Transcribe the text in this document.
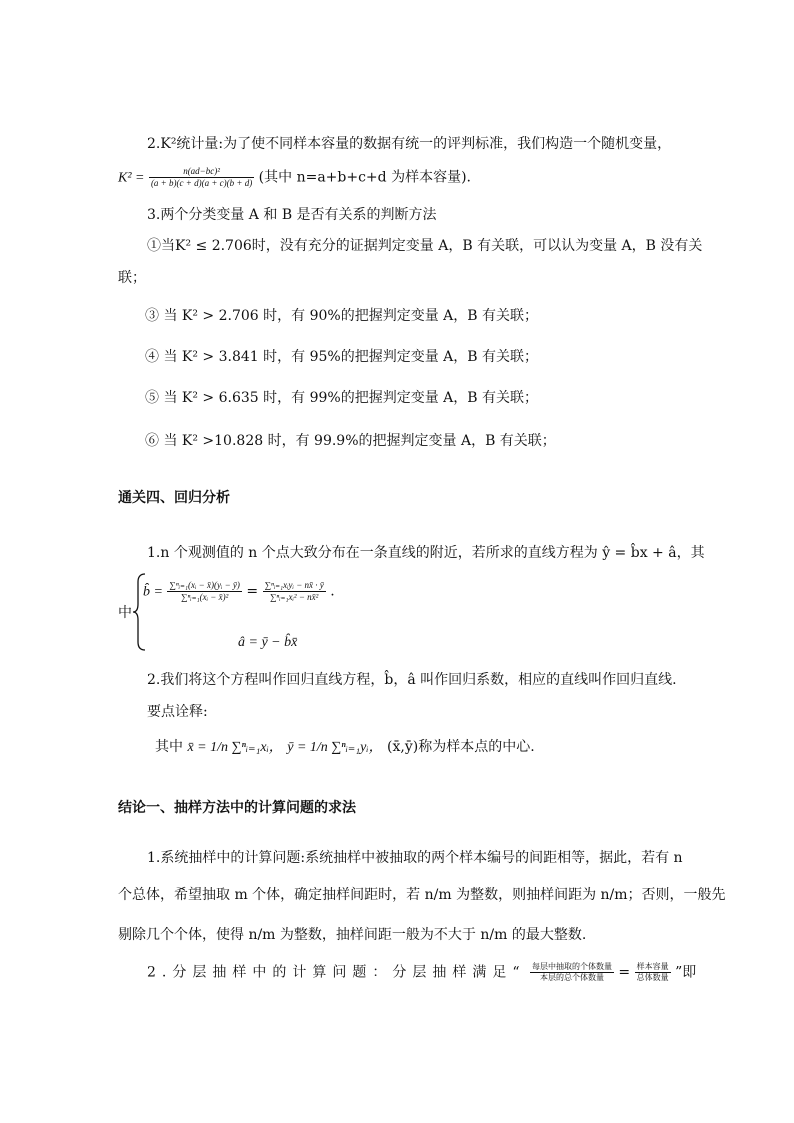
2.K²统计量:为了使不同样本容量的数据有统一的评判标准，我们构造一个随机变量，
$K^2 = \frac{\text{n(ad−bc)²}}{(a + b)(c + d)(a + c)(b + d)}$ (其中 n=a+b+c+d 为样本容量).
3.两个分类变量 A 和 B 是否有关系的判断方法
①当K² ≤ 2.706时，没有充分的证据判定变量 A，B 有关联，可以认为变量 A，B 没有关
联；
③ 当 K² > 2.706 时，有 90%的把握判定变量 A，B 有关联；
④ 当 K² > 3.841 时，有 95%的把握判定变量 A，B 有关联；
⑤ 当 K² > 6.635 时，有 99%的把握判定变量 A，B 有关联；
⑥ 当 K² >10.828 时，有 99.9%的把握判定变量 A，B 有关联；
通关四、回归分析
1.n 个观测值的 n 个点大致分布在一条直线的附近，若所求的直线方程为 ŷ = b̂x + â，其
中
b̂ = $\frac{\text{∑ⁿᵢ₌₁(xᵢ − x̄)(yᵢ − ȳ)}}{\text{∑ⁿᵢ₌₁(xᵢ − x̄)²}} = \frac{\text{∑ⁿᵢ₌₁xᵢyᵢ − nx̄ · ȳ}}{\text{∑ⁿᵢ₌₁xᵢ² − nx̄²}}$ .
â = ȳ − b̂x̄
2.我们将这个方程叫作回归直线方程，b̂，â 叫作回归系数，相应的直线叫作回归直线.
要点诠释:
其中 x̄ = 1/n ∑ⁿᵢ₌₁xᵢ， ȳ = 1/n ∑ⁿᵢ₌₁yᵢ， (x̄,ȳ)称为样本点的中心.
结论一、抽样方法中的计算问题的求法
1.系统抽样中的计算问题:系统抽样中被抽取的两个样本编号的间距相等，据此，若有 n
个总体，希望抽取 m 个体，确定抽样间距时，若 n/m 为整数，则抽样间距为 n/m；否则，一般先
剔除几个个体，使得 n/m 为整数，抽样间距一般为不大于 n/m 的最大整数.
2.分层抽样中的计算问题：分层抽样满足“ $\frac{\text{每层中抽取的个体数量}}{\text{本层的总个体数量}} = \frac{\text{样本容量}}{\text{总体数量}}$ ”即
